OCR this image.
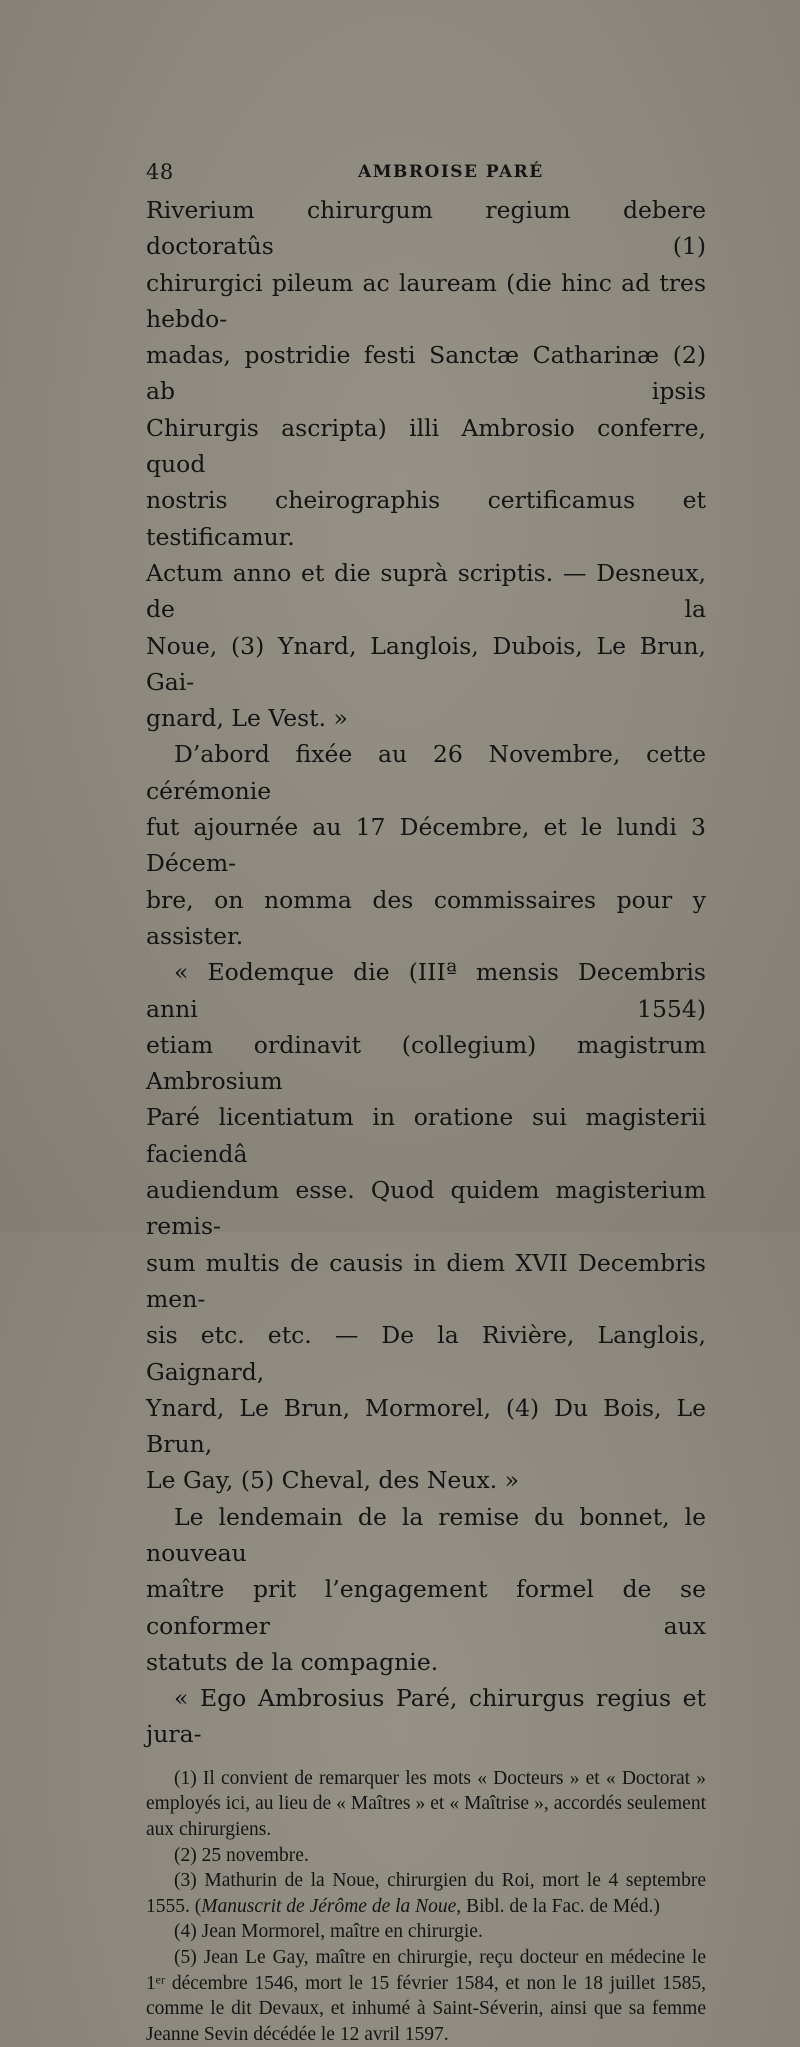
48	AMBROISE PARÉ

Riverium chirurgum regium debere doctoratûs (1)

chirurgici pileum ac lauream (die hinc ad tres hebdo-

madas, postridie festi Sanctæ Catharinæ (2) ab ipsis

Chirurgis ascripta) illi Ambrosio conferre, quod

nostris cheirographis certificamus et testificamur.

Actum anno et die suprà scriptis. — Desneux, de la

Noue, (3) Ynard, Langlois, Dubois, Le Brun, Gai-

gnard, Le Vest. »

D’abord fixée au 26 Novembre, cette cérémonie

fut ajournée au 17 Décembre, et le lundi 3 Décem-

bre, on nomma des commissaires pour y assister.

« Eodemque die (IIIª mensis Decembris anni 1554)

etiam ordinavit (collegium) magistrum Ambrosium

Paré licentiatum in oratione sui magisterii faciendâ

audiendum esse. Quod quidem magisterium remis-

sum multis de causis in diem XVII Decembris men-

sis etc. etc. — De la Rivière, Langlois, Gaignard,

Ynard, Le Brun, Mormorel, (4) Du Bois, Le Brun,

Le Gay, (5) Cheval, des Neux. »

Le lendemain de la remise du bonnet, le nouveau

maître prit l’engagement formel de se conformer aux

statuts de la compagnie.

« Ego Ambrosius Paré, chirurgus regius et jura-

(1) Il convient de remarquer les mots « Docteurs » et « Doctorat » employés ici, au lieu de « Maîtres » et « Maîtrise », accordés seulement aux chirurgiens.

(2) 25 novembre.

(3) Mathurin de la Noue, chirurgien du Roi, mort le 4 septembre 1555. (Manuscrit de Jérôme de la Noue, Bibl. de la Fac. de Méd.)

(4) Jean Mormorel, maître en chirurgie.

(5) Jean Le Gay, maître en chirurgie, reçu docteur en médecine le 1ᵉʳ décembre 1546, mort le 15 février 1584, et non le 18 juillet 1585, comme le dit Devaux, et inhumé à Saint-Séverin, ainsi que sa femme Jeanne Sevin décédée le 12 avril 1597.
